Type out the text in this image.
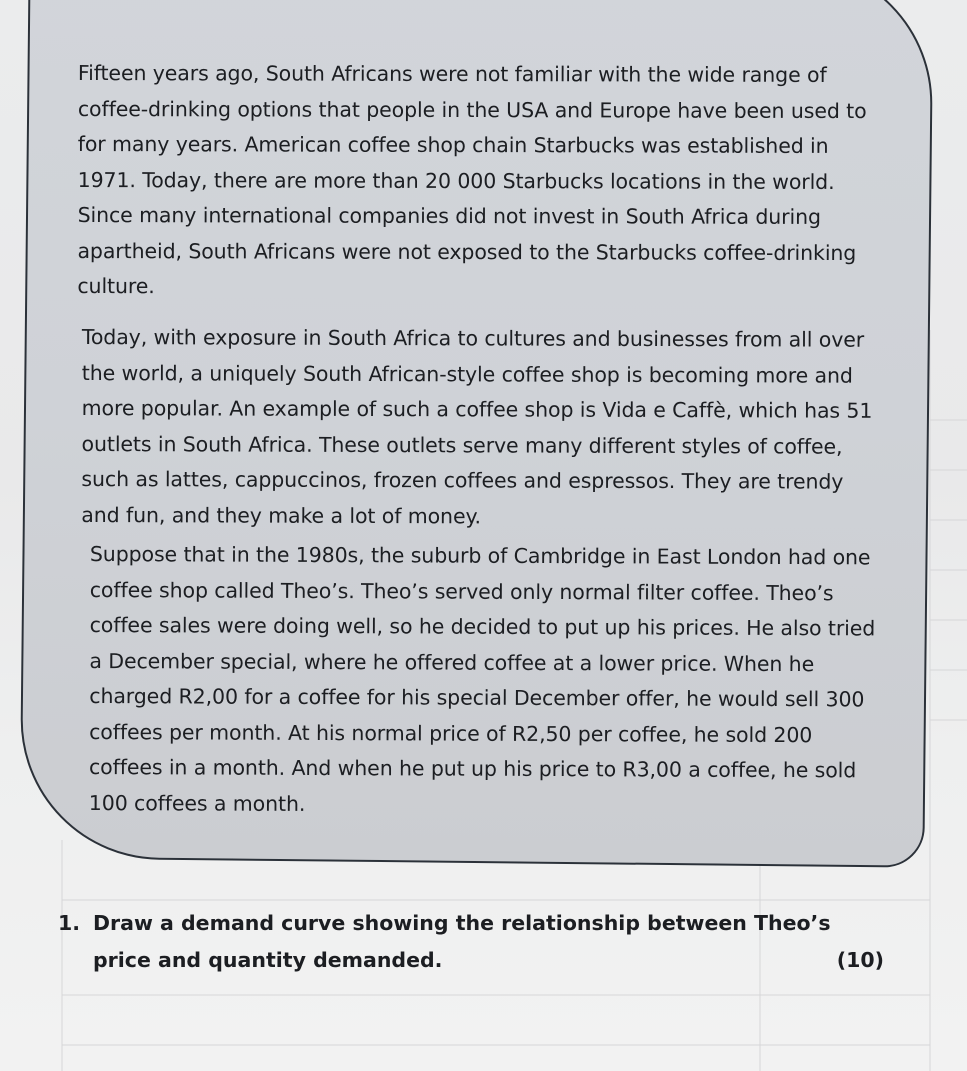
Fifteen years ago, South Africans were not familiar with the wide range of coffee-drinking options that people in the USA and Europe have been used to for many years. American coffee shop chain Starbucks was established in 1971. Today, there are more than 20 000 Starbucks locations in the world. Since many international companies did not invest in South Africa during apartheid, South Africans were not exposed to the Starbucks coffee-drinking culture.

Today, with exposure in South Africa to cultures and businesses from all over the world, a uniquely South African-style coffee shop is becoming more and more popular. An example of such a coffee shop is Vida e Caffè, which has 51 outlets in South Africa. These outlets serve many different styles of coffee, such as lattes, cappuccinos, frozen coffees and espressos. They are trendy and fun, and they make a lot of money.

Suppose that in the 1980s, the suburb of Cambridge in East London had one coffee shop called Theo’s. Theo’s served only normal filter coffee. Theo’s coffee sales were doing well, so he decided to put up his prices. He also tried a December special, where he offered coffee at a lower price. When he charged R2,00 for a coffee for his special December offer, he would sell 300 coffees per month. At his normal price of R2,50 per coffee, he sold 200 coffees in a month. And when he put up his price to R3,00 a coffee, he sold 100 coffees a month.

1. Draw a demand curve showing the relationship between Theo’s price and quantity demanded.	(10)
